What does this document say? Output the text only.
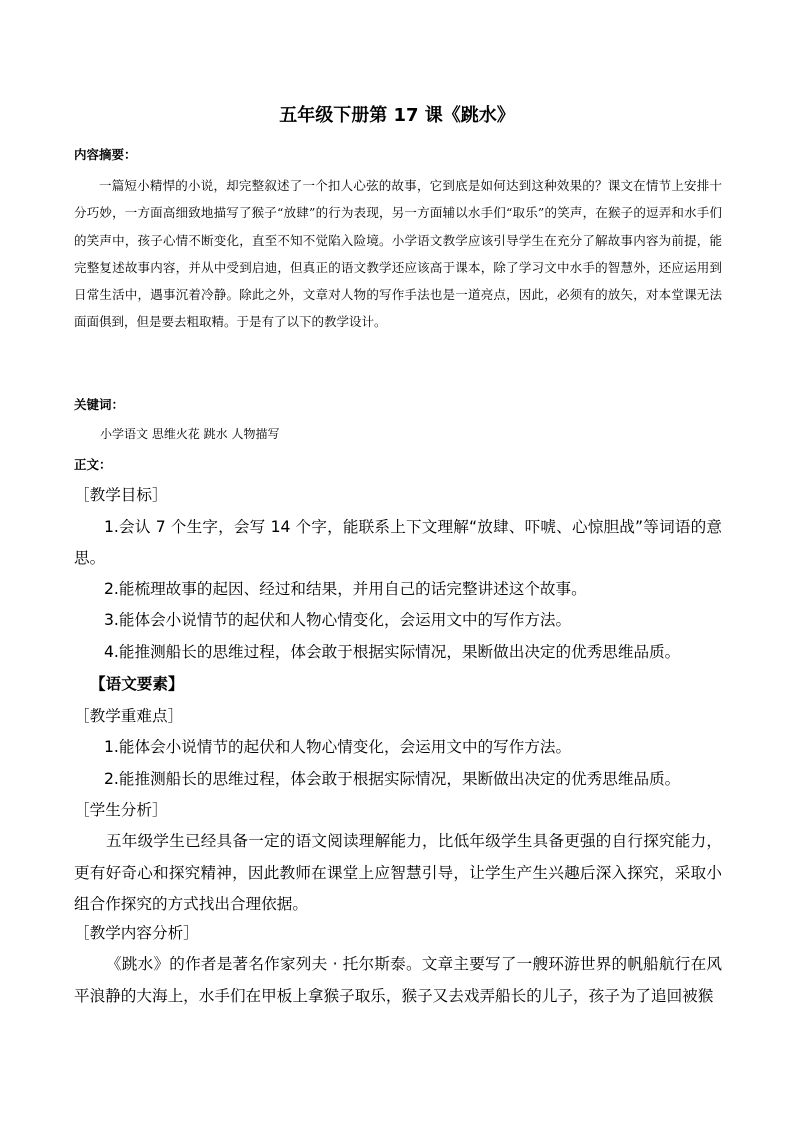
五年级下册第 17 课《跳水》
内容摘要：

一篇短小精悍的小说，却完整叙述了一个扣人心弦的故事，它到底是如何达到这种效果的？课文在情节上安排十分巧妙，一方面高细致地描写了猴子“放肆”的行为表现，另一方面辅以水手们“取乐”的笑声，在猴子的逗弄和水手们的笑声中，孩子心情不断变化，直至不知不觉陷入险境。小学语文教学应该引导学生在充分了解故事内容为前提，能完整复述故事内容，并从中受到启迪，但真正的语文教学还应该高于课本，除了学习文中水手的智慧外，还应运用到日常生活中，遇事沉着冷静。除此之外，文章对人物的写作手法也是一道亮点，因此，必须有的放矢，对本堂课无法面面俱到，但是要去粗取精。于是有了以下的教学设计。

关键词：
小学语文 思维火花 跳水 人物描写
正文：
［教学目标］

1.会认 7 个生字，会写 14 个字，能联系上下文理解“放肆、吓唬、心惊胆战”等词语的意思。

2.能梳理故事的起因、经过和结果，并用自己的话完整讲述这个故事。
3.能体会小说情节的起伏和人物心情变化，会运用文中的写作方法。
4.能推测船长的思维过程，体会敢于根据实际情况，果断做出决定的优秀思维品质。
【语文要素】
［教学重难点］
1.能体会小说情节的起伏和人物心情变化，会运用文中的写作方法。
2.能推测船长的思维过程，体会敢于根据实际情况，果断做出决定的优秀思维品质。
［学生分析］

五年级学生已经具备一定的语文阅读理解能力，比低年级学生具备更强的自行探究能力，更有好奇心和探究精神，因此教师在课堂上应智慧引导，让学生产生兴趣后深入探究，采取小组合作探究的方式找出合理依据。

［教学内容分析］

《跳水》的作者是著名作家列夫 · 托尔斯泰。文章主要写了一艘环游世界的帆船航行在风平浪静的大海上，水手们在甲板上拿猴子取乐，猴子又去戏弄船长的儿子，孩子为了追回被猴
